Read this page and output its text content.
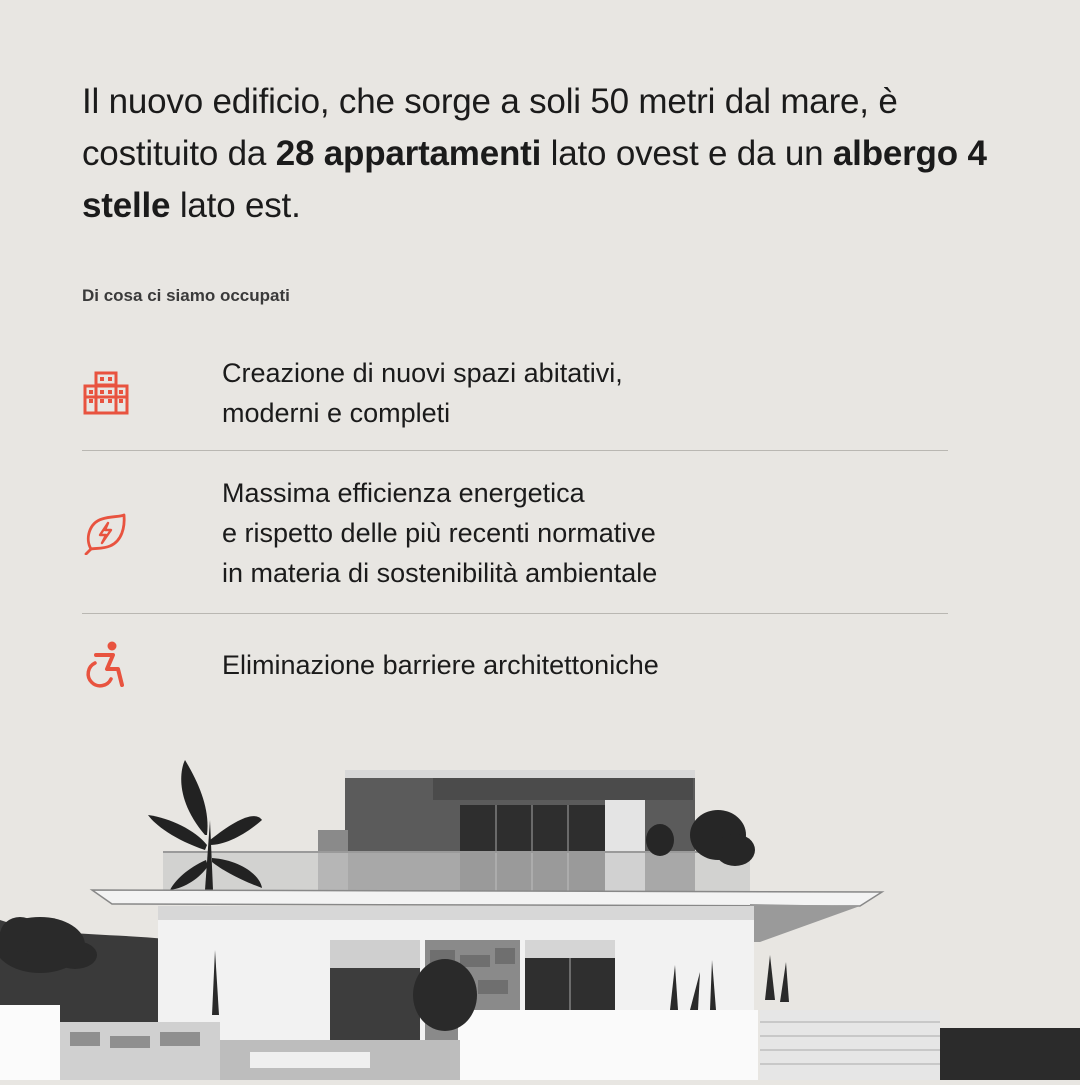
Il nuovo edificio, che sorge a soli 50 metri dal mare, è costituito da 28 appartamenti lato ovest e da un albergo 4 stelle lato est.

Di cosa ci siamo occupati
Creazione di nuovi spazi abitativi,
moderni e completi
Massima efficienza energetica
e rispetto delle più recenti normative
in materia di sostenibilità ambientale
Eliminazione barriere architettoniche
